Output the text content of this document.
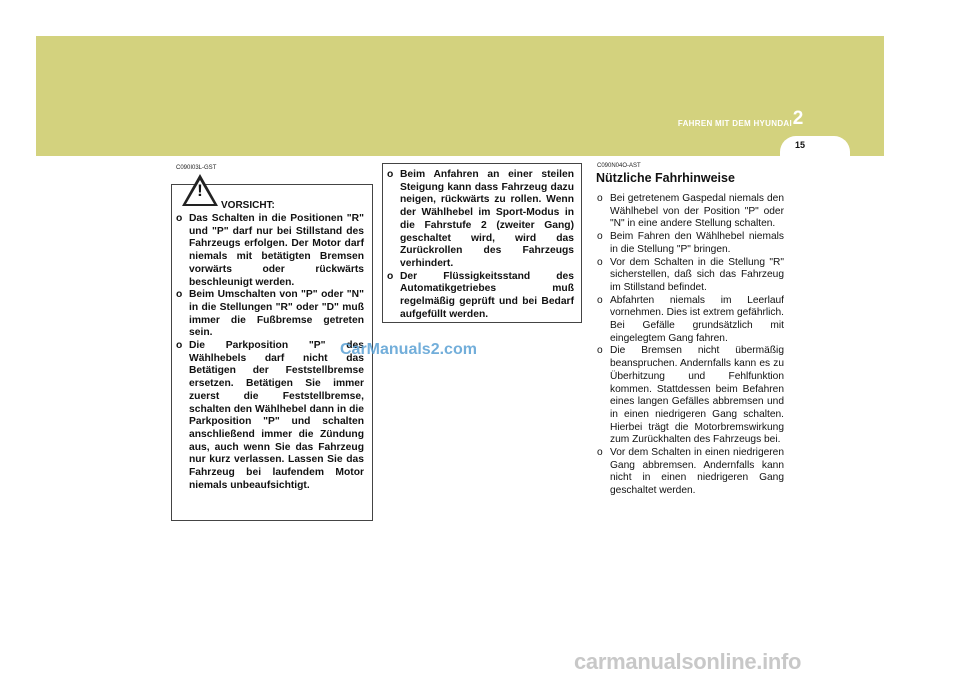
FAHREN MIT DEM HYUNDAI 2
15
C090I03L-GST
!
VORSICHT:
o Das Schalten in die Positionen "R" und "P" darf nur bei Stillstand des Fahrzeugs erfolgen. Der Motor darf niemals mit betätigten Bremsen vorwärts oder rückwärts beschleunigt werden.
o Beim Umschalten von "P" oder "N" in die Stellungen "R" oder "D" muß immer die Fußbremse getreten sein.
o Die Parkposition "P" des Wählhebels darf nicht das Betätigen der Feststellbremse ersetzen. Betätigen Sie immer zuerst die Feststellbremse, schalten den Wählhebel dann in die Parkposition "P" und schalten anschließend immer die Zündung aus, auch wenn Sie das Fahrzeug nur kurz verlassen. Lassen Sie das Fahrzeug bei laufendem Motor niemals unbeaufsichtigt.
o Beim Anfahren an einer steilen Steigung kann dass Fahrzeug dazu neigen, rückwärts zu rollen. Wenn der Wählhebel im Sport-Modus in die Fahrstufe 2 (zweiter Gang) geschaltet wird, wird das Zurückrollen des Fahrzeugs verhindert.
o Der Flüssigkeitsstand des Automatikgetriebes muß regelmäßig geprüft und bei Bedarf aufgefüllt werden.
C090N04O-AST
Nützliche Fahrhinweise
o Bei getretenem Gaspedal niemals den Wählhebel von der Position "P" oder "N" in eine andere Stellung schalten.
o Beim Fahren den Wählhebel niemals in die Stellung "P" bringen.
o Vor dem Schalten in die Stellung "R" sicherstellen, daß sich das Fahrzeug im Stillstand befindet.
o Abfahrten niemals im Leerlauf vornehmen. Dies ist extrem gefährlich. Bei Gefälle grundsätzlich mit eingelegtem Gang fahren.
o Die Bremsen nicht übermäßig beanspruchen. Andernfalls kann es zu Überhitzung und Fehlfunktion kommen. Stattdessen beim Befahren eines langen Gefälles abbremsen und in einen niedrigeren Gang schalten. Hierbei trägt die Motorbremswirkung zum Zurückhalten des Fahrzeugs bei.
o Vor dem Schalten in einen niedrigeren Gang abbremsen. Andernfalls kann nicht in einen niedrigeren Gang geschaltet werden.
CarManuals2.com
carmanualsonline.info
